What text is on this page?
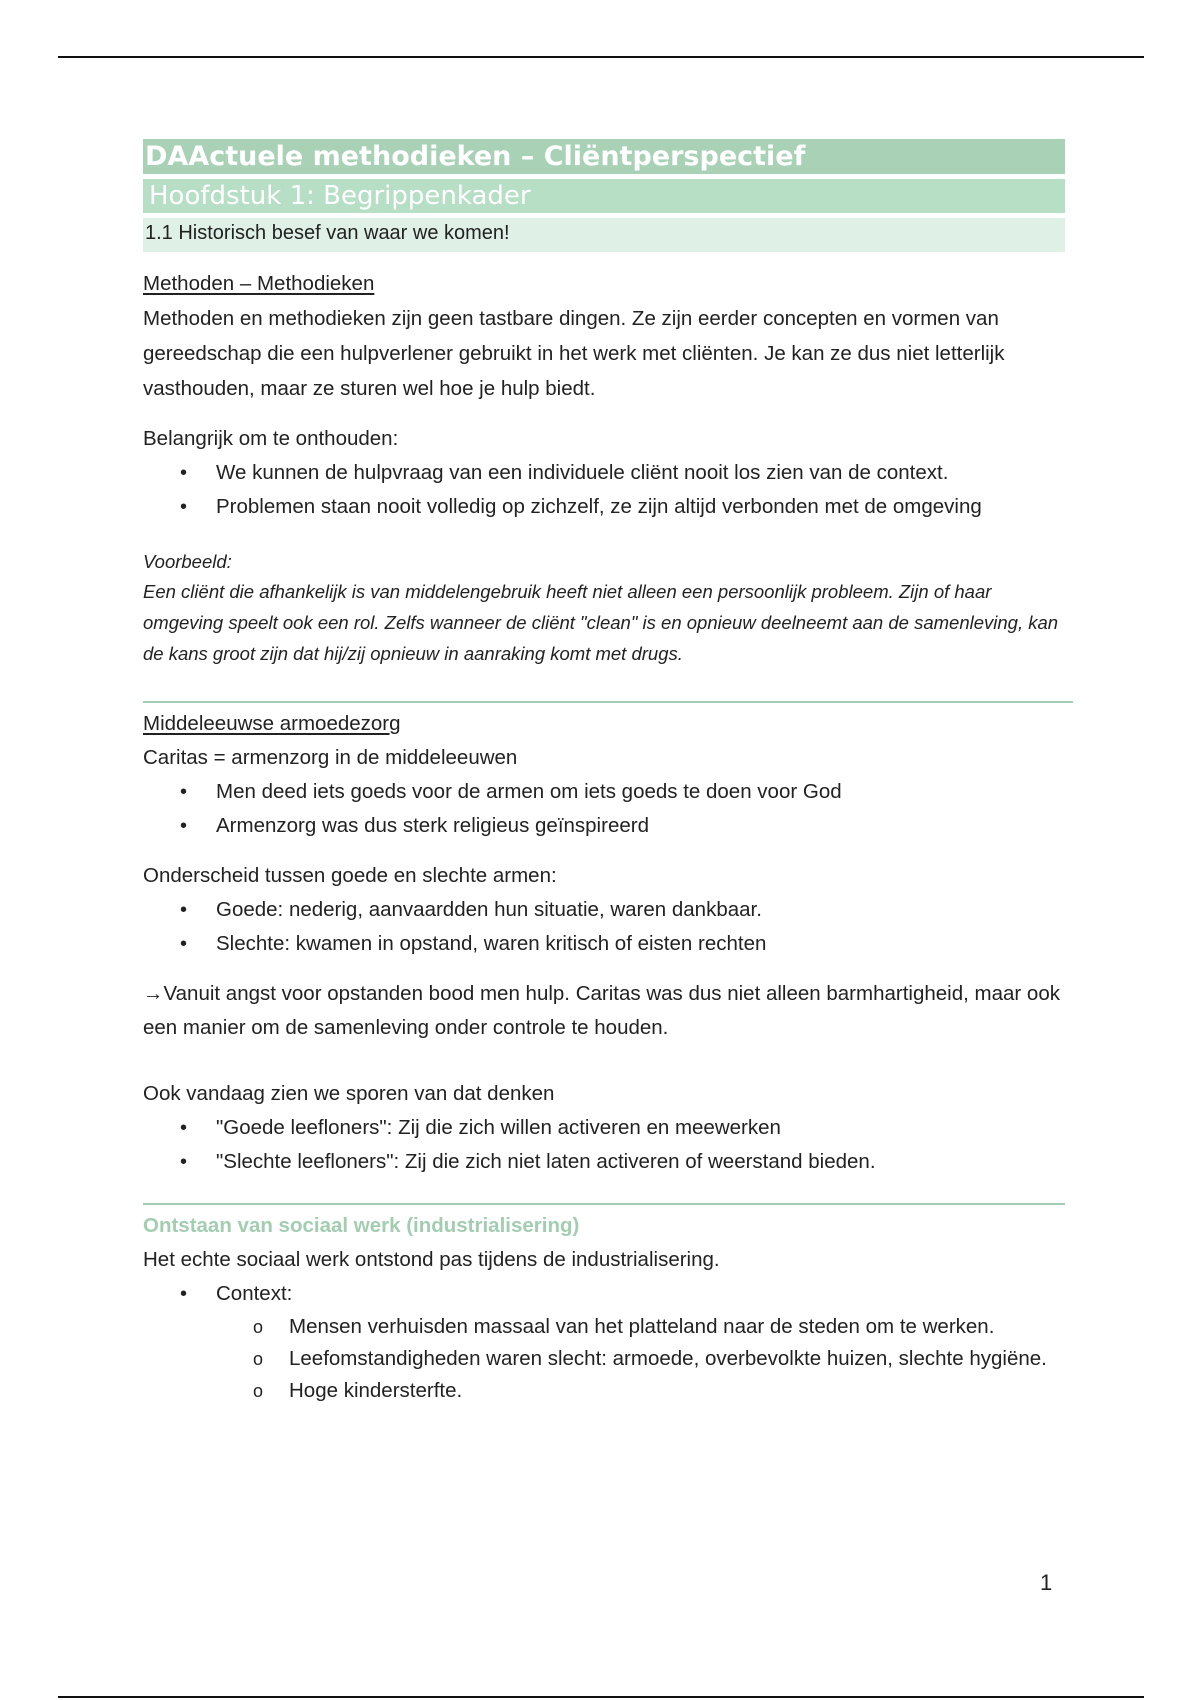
DAActuele methodieken – Cliëntperspectief
Hoofdstuk 1: Begrippenkader
1.1 Historisch besef van waar we komen!

Methoden – Methodieken

Methoden en methodieken zijn geen tastbare dingen. Ze zijn eerder concepten en vormen van gereedschap die een hulpverlener gebruikt in het werk met cliënten. Je kan ze dus niet letterlijk vasthouden, maar ze sturen wel hoe je hulp biedt.

Belangrijk om te onthouden:

• We kunnen de hulpvraag van een individuele cliënt nooit los zien van de context.
• Problemen staan nooit volledig op zichzelf, ze zijn altijd verbonden met de omgeving
Voorbeeld:
Een cliënt die afhankelijk is van middelengebruik heeft niet alleen een persoonlijk probleem. Zijn of haar omgeving speelt ook een rol. Zelfs wanneer de cliënt "clean" is en opnieuw deelneemt aan de samenleving, kan de kans groot zijn dat hij/zij opnieuw in aanraking komt met drugs.

Middeleeuwse armoedezorg

Caritas = armenzorg in de middeleeuwen

• Men deed iets goeds voor de armen om iets goeds te doen voor God
• Armenzorg was dus sterk religieus geïnspireerd

Onderscheid tussen goede en slechte armen:

• Goede: nederig, aanvaardden hun situatie, waren dankbaar.
• Slechte: kwamen in opstand, waren kritisch of eisten rechten

→Vanuit angst voor opstanden bood men hulp. Caritas was dus niet alleen barmhartigheid, maar ook een manier om de samenleving onder controle te houden.

Ook vandaag zien we sporen van dat denken

• "Goede leefloners": Zij die zich willen activeren en meewerken
• "Slechte leefloners": Zij die zich niet laten activeren of weerstand bieden.
Ontstaan van sociaal werk (industrialisering)

Het echte sociaal werk ontstond pas tijdens de industrialisering.

• Context:
o Mensen verhuisden massaal van het platteland naar de steden om te werken.
o Leefomstandigheden waren slecht: armoede, overbevolkte huizen, slechte hygiëne.
o Hoge kindersterfte.
1
